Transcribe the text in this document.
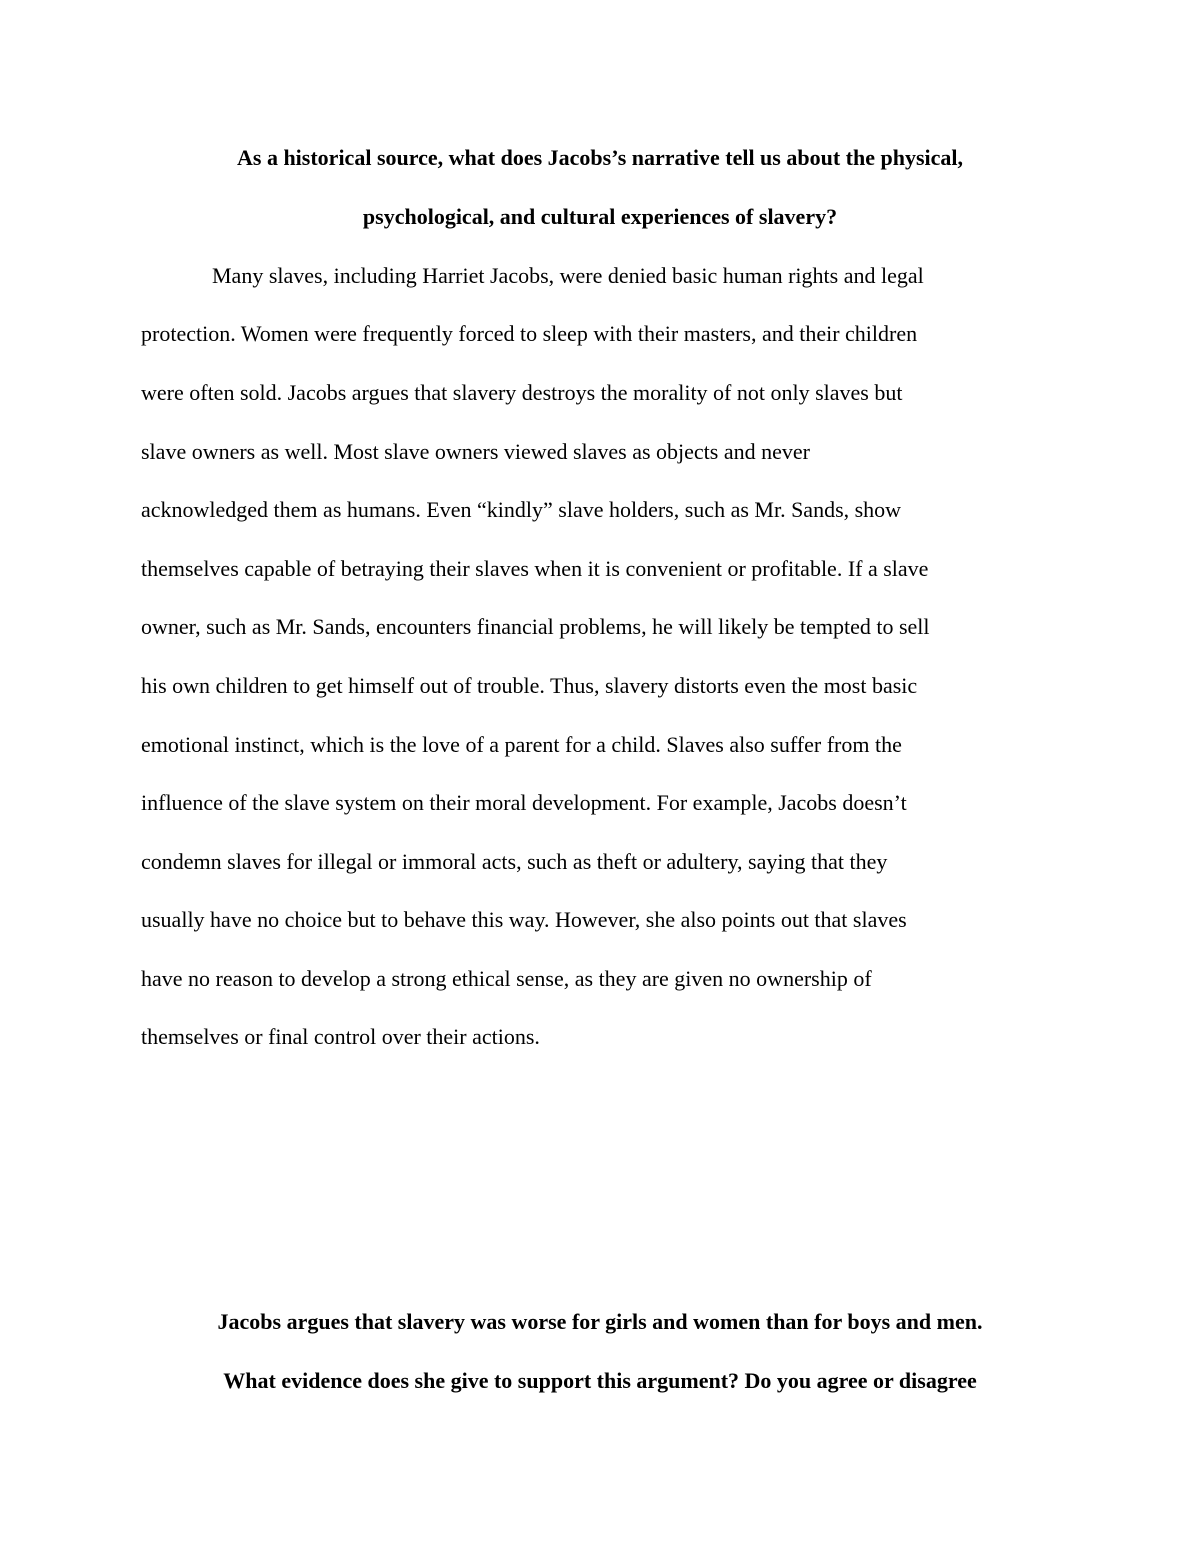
As a historical source, what does Jacobs’s narrative tell us about the physical,
psychological, and cultural experiences of slavery?
Many slaves, including Harriet Jacobs, were denied basic human rights and legal
protection. Women were frequently forced to sleep with their masters, and their children
were often sold. Jacobs argues that slavery destroys the morality of not only slaves but
slave owners as well. Most slave owners viewed slaves as objects and never
acknowledged them as humans. Even “kindly” slave holders, such as Mr. Sands, show
themselves capable of betraying their slaves when it is convenient or profitable. If a slave
owner, such as Mr. Sands, encounters financial problems, he will likely be tempted to sell
his own children to get himself out of trouble. Thus, slavery distorts even the most basic
emotional instinct, which is the love of a parent for a child. Slaves also suffer from the
influence of the slave system on their moral development. For example, Jacobs doesn’t
condemn slaves for illegal or immoral acts, such as theft or adultery, saying that they
usually have no choice but to behave this way. However, she also points out that slaves
have no reason to develop a strong ethical sense, as they are given no ownership of
themselves or final control over their actions.
Jacobs argues that slavery was worse for girls and women than for boys and men.
What evidence does she give to support this argument? Do you agree or disagree
